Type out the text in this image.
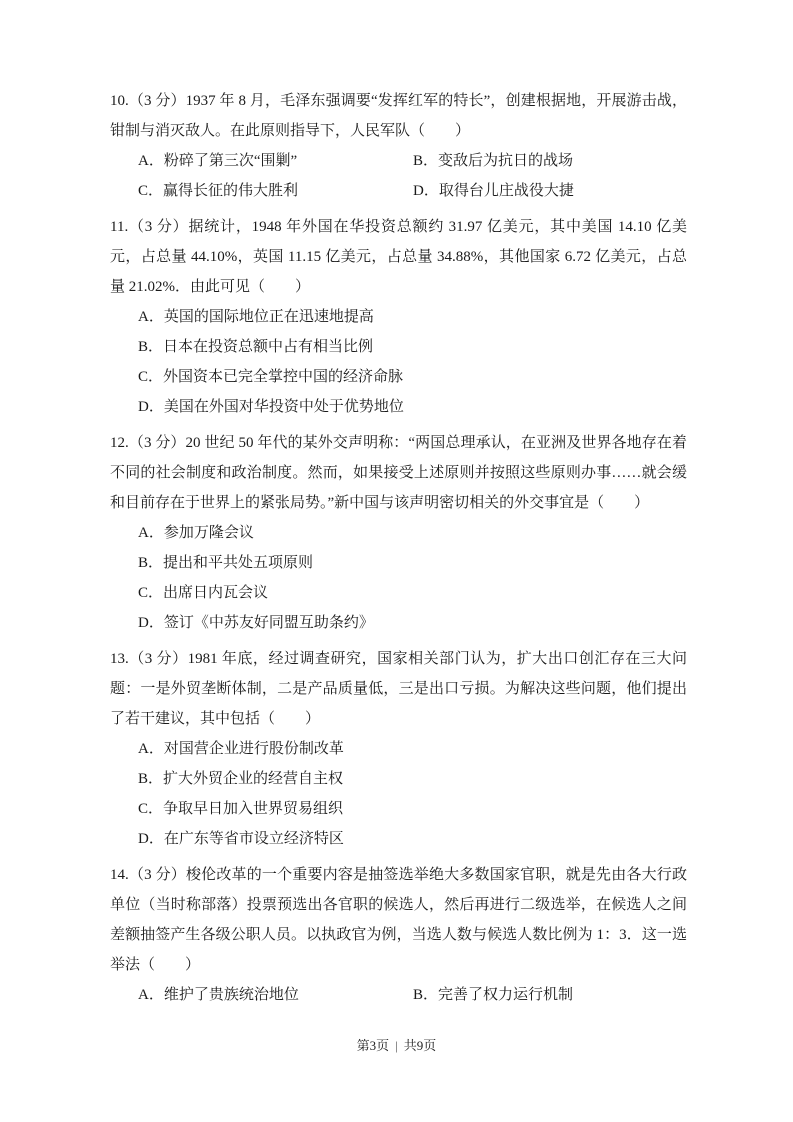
10.（3 分）1937 年 8 月，毛泽东强调要“发挥红军的特长”，创建根据地，开展游击战，钳制与消灭敌人。在此原则指导下，人民军队（　　）

A．粉碎了第三次“围剿”	B．变敌后为抗日的战场
C．赢得长征的伟大胜利	D．取得台儿庄战役大捷

11.（3 分）据统计，1948 年外国在华投资总额约 31.97 亿美元，其中美国 14.10 亿美元，占总量 44.10%，英国 11.15 亿美元，占总量 34.88%，其他国家 6.72 亿美元，占总量 21.02%．由此可见（　　）

A．英国的国际地位正在迅速地提高
B．日本在投资总额中占有相当比例
C．外国资本已完全掌控中国的经济命脉
D．美国在外国对华投资中处于优势地位

12.（3 分）20 世纪 50 年代的某外交声明称：“两国总理承认，在亚洲及世界各地存在着不同的社会制度和政治制度。然而，如果接受上述原则并按照这些原则办事……就会缓和目前存在于世界上的紧张局势。”新中国与该声明密切相关的外交事宜是（　　）

A．参加万隆会议
B．提出和平共处五项原则
C．出席日内瓦会议
D．签订《中苏友好同盟互助条约》

13.（3 分）1981 年底，经过调查研究，国家相关部门认为，扩大出口创汇存在三大问题：一是外贸垄断体制，二是产品质量低，三是出口亏损。为解决这些问题，他们提出了若干建议，其中包括（　　）

A．对国营企业进行股份制改革
B．扩大外贸企业的经营自主权
C．争取早日加入世界贸易组织
D．在广东等省市设立经济特区

14.（3 分）梭伦改革的一个重要内容是抽签选举绝大多数国家官职，就是先由各大行政单位（当时称部落）投票预选出各官职的候选人，然后再进行二级选举，在候选人之间差额抽签产生各级公职人员。以执政官为例，当选人数与候选人数比例为 1：3．这一选举法（　　）

A．维护了贵族统治地位	B．完善了权力运行机制
第3页 | 共9页
